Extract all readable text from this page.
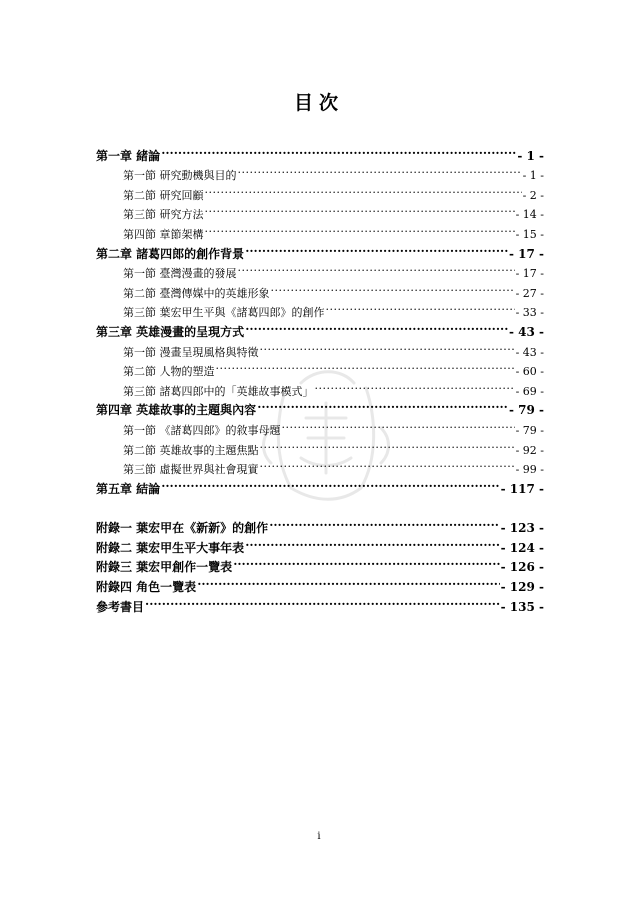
目次
第一章 緒論 .....	- 1 -
第一節 研究動機與目的 .....	- 1 -
第二節 研究回顧 .....	- 2 -
第三節 研究方法 .....	- 14 -
第四節 章節架構 .....	- 15 -
第二章 諸葛四郎的創作背景 .....	- 17 -
第一節 臺灣漫畫的發展 .....	- 17 -
第二節 臺灣傳媒中的英雄形象 .....	- 27 -
第三節 葉宏甲生平與《諸葛四郎》的創作 .....	- 33 -
第三章 英雄漫畫的呈現方式 .....	- 43 -
第一節 漫畫呈現風格與特徵 .....	- 43 -
第二節 人物的塑造 .....	- 60 -
第三節 諸葛四郎中的「英雄故事模式」 .....	- 69 -
第四章 英雄故事的主題與內容 .....	- 79 -
第一節 《諸葛四郎》的敘事母題 .....	- 79 -
第二節 英雄故事的主題焦點 .....	- 92 -
第三節 虛擬世界與社會現實 .....	- 99 -
第五章 結論 .....	- 117 -
附錄一 葉宏甲在《新新》的創作 .....	- 123 -
附錄二 葉宏甲生平大事年表 .....	- 124 -
附錄三 葉宏甲創作一覽表 .....	- 126 -
附錄四 角色一覽表 .....	- 129 -
參考書目 .....	- 135 -
i
